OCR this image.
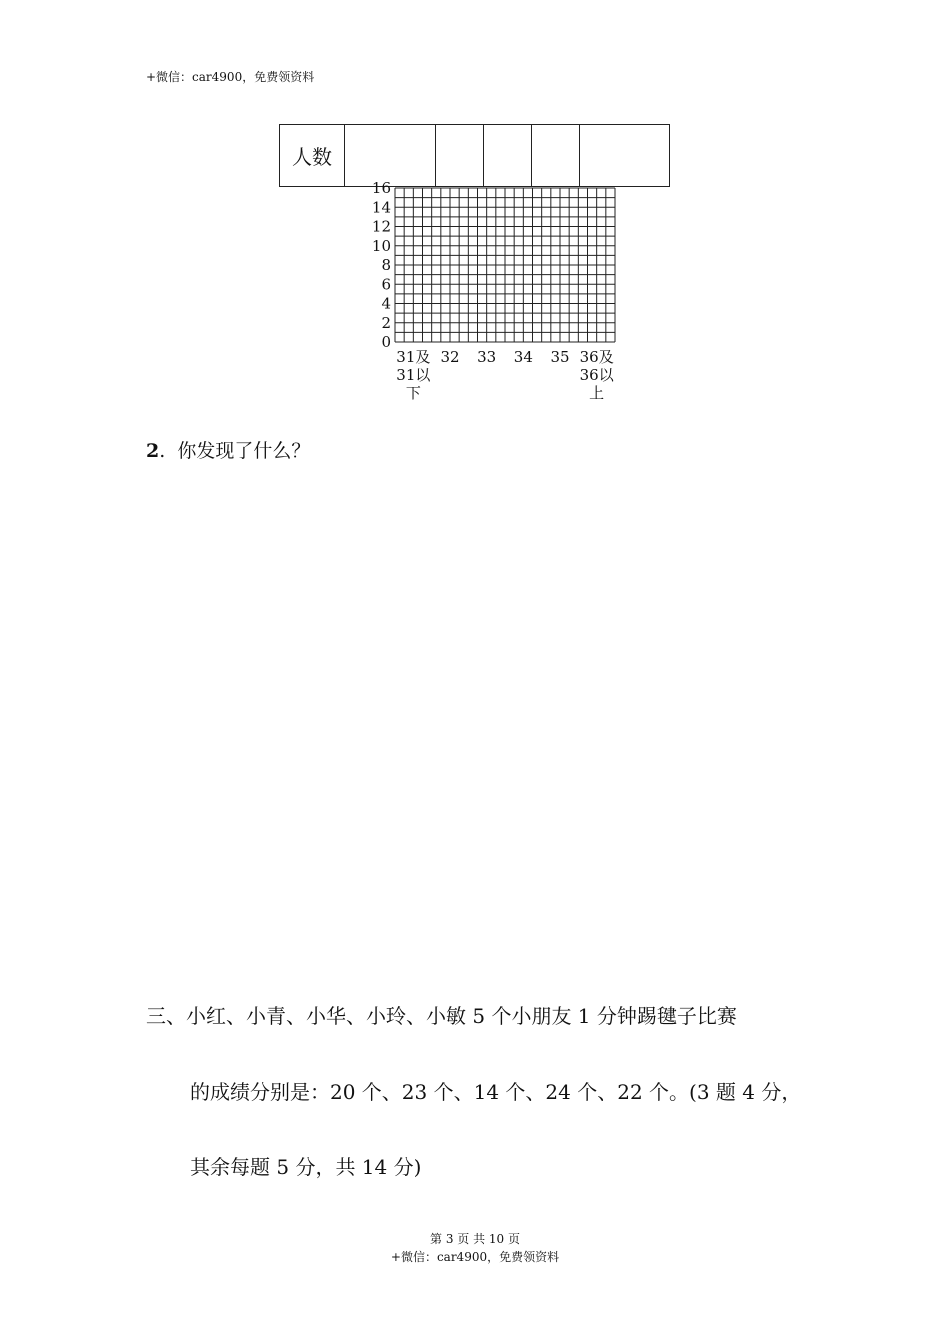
+微信：car4900，免费领资料
人数					
0
2
4
6
8
10
12
14
16
31及
31以
下
32 33 34 35 36及
36以
上
2. 你发现了什么？
三、小红、小青、小华、小玲、小敏 5 个小朋友 1 分钟踢毽子比赛
的成绩分别是：20 个、23 个、14 个、24 个、22 个。(3 题 4 分，
其余每题 5 分，共 14 分)
第 3 页 共 10 页
+微信：car4900，免费领资料
